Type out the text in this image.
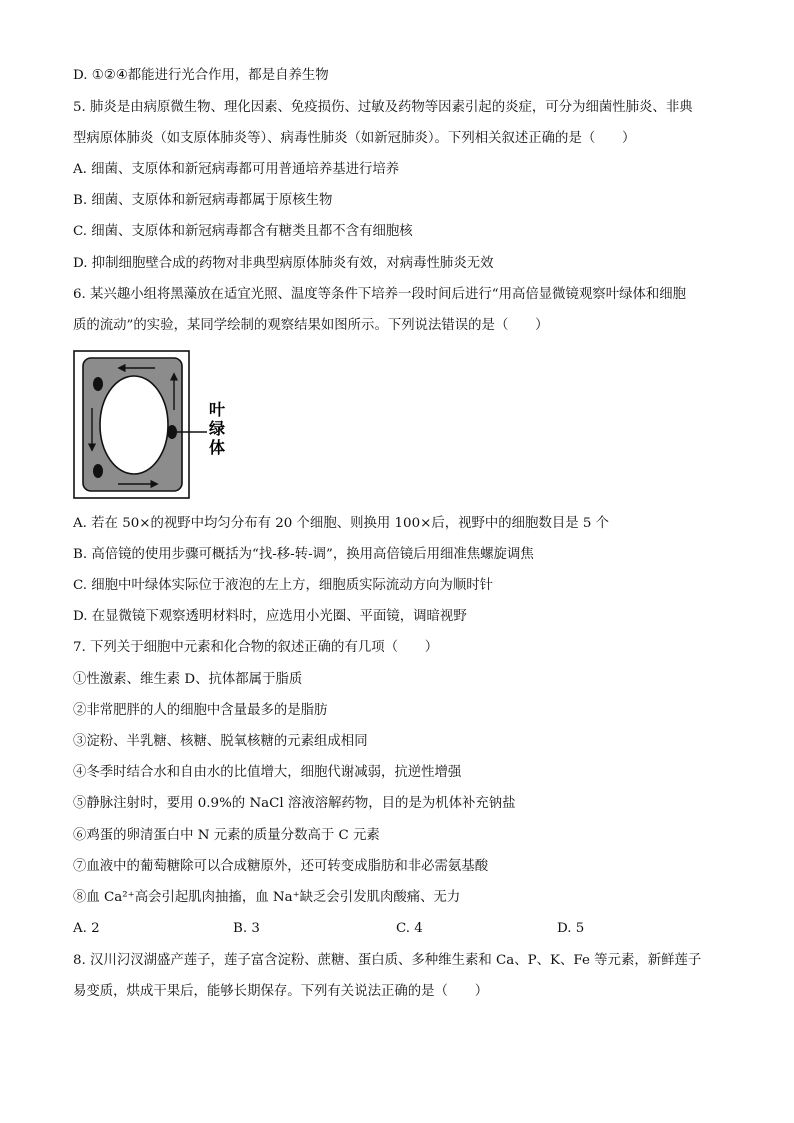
D. ①②④都能进行光合作用，都是自养生物
5. 肺炎是由病原微生物、理化因素、免疫损伤、过敏及药物等因素引起的炎症，可分为细菌性肺炎、非典
型病原体肺炎（如支原体肺炎等）、病毒性肺炎（如新冠肺炎）。下列相关叙述正确的是（　　）
A. 细菌、支原体和新冠病毒都可用普通培养基进行培养
B. 细菌、支原体和新冠病毒都属于原核生物
C. 细菌、支原体和新冠病毒都含有糖类且都不含有细胞核
D. 抑制细胞壁合成的药物对非典型病原体肺炎有效，对病毒性肺炎无效
6. 某兴趣小组将黑藻放在适宜光照、温度等条件下培养一段时间后进行“用高倍显微镜观察叶绿体和细胞
质的流动”的实验，某同学绘制的观察结果如图所示。下列说法错误的是（　　）
叶
绿
体
A. 若在 50×的视野中均匀分布有 20 个细胞、则换用 100×后，视野中的细胞数目是 5 个
B. 高倍镜的使用步骤可概括为“找-移-转-调”，换用高倍镜后用细准焦螺旋调焦
C. 细胞中叶绿体实际位于液泡的左上方，细胞质实际流动方向为顺时针
D. 在显微镜下观察透明材料时，应选用小光圈、平面镜，调暗视野
7. 下列关于细胞中元素和化合物的叙述正确的有几项（　　）
①性激素、维生素 D、抗体都属于脂质
②非常肥胖的人的细胞中含量最多的是脂肪
③淀粉、半乳糖、核糖、脱氧核糖的元素组成相同
④冬季时结合水和自由水的比值增大，细胞代谢减弱，抗逆性增强
⑤静脉注射时，要用 0.9%的 NaCl 溶液溶解药物，目的是为机体补充钠盐
⑥鸡蛋的卵清蛋白中 N 元素的质量分数高于 C 元素
⑦血液中的葡萄糖除可以合成糖原外，还可转变成脂肪和非必需氨基酸
⑧血 Ca²⁺高会引起肌肉抽搐，血 Na⁺缺乏会引发肌肉酸痛、无力
A. 2	B. 3	C. 4	D. 5
8. 汉川汈汊湖盛产莲子，莲子富含淀粉、蔗糖、蛋白质、多种维生素和 Ca、P、K、Fe 等元素，新鲜莲子
易变质，烘成干果后，能够长期保存。下列有关说法正确的是（　　）
